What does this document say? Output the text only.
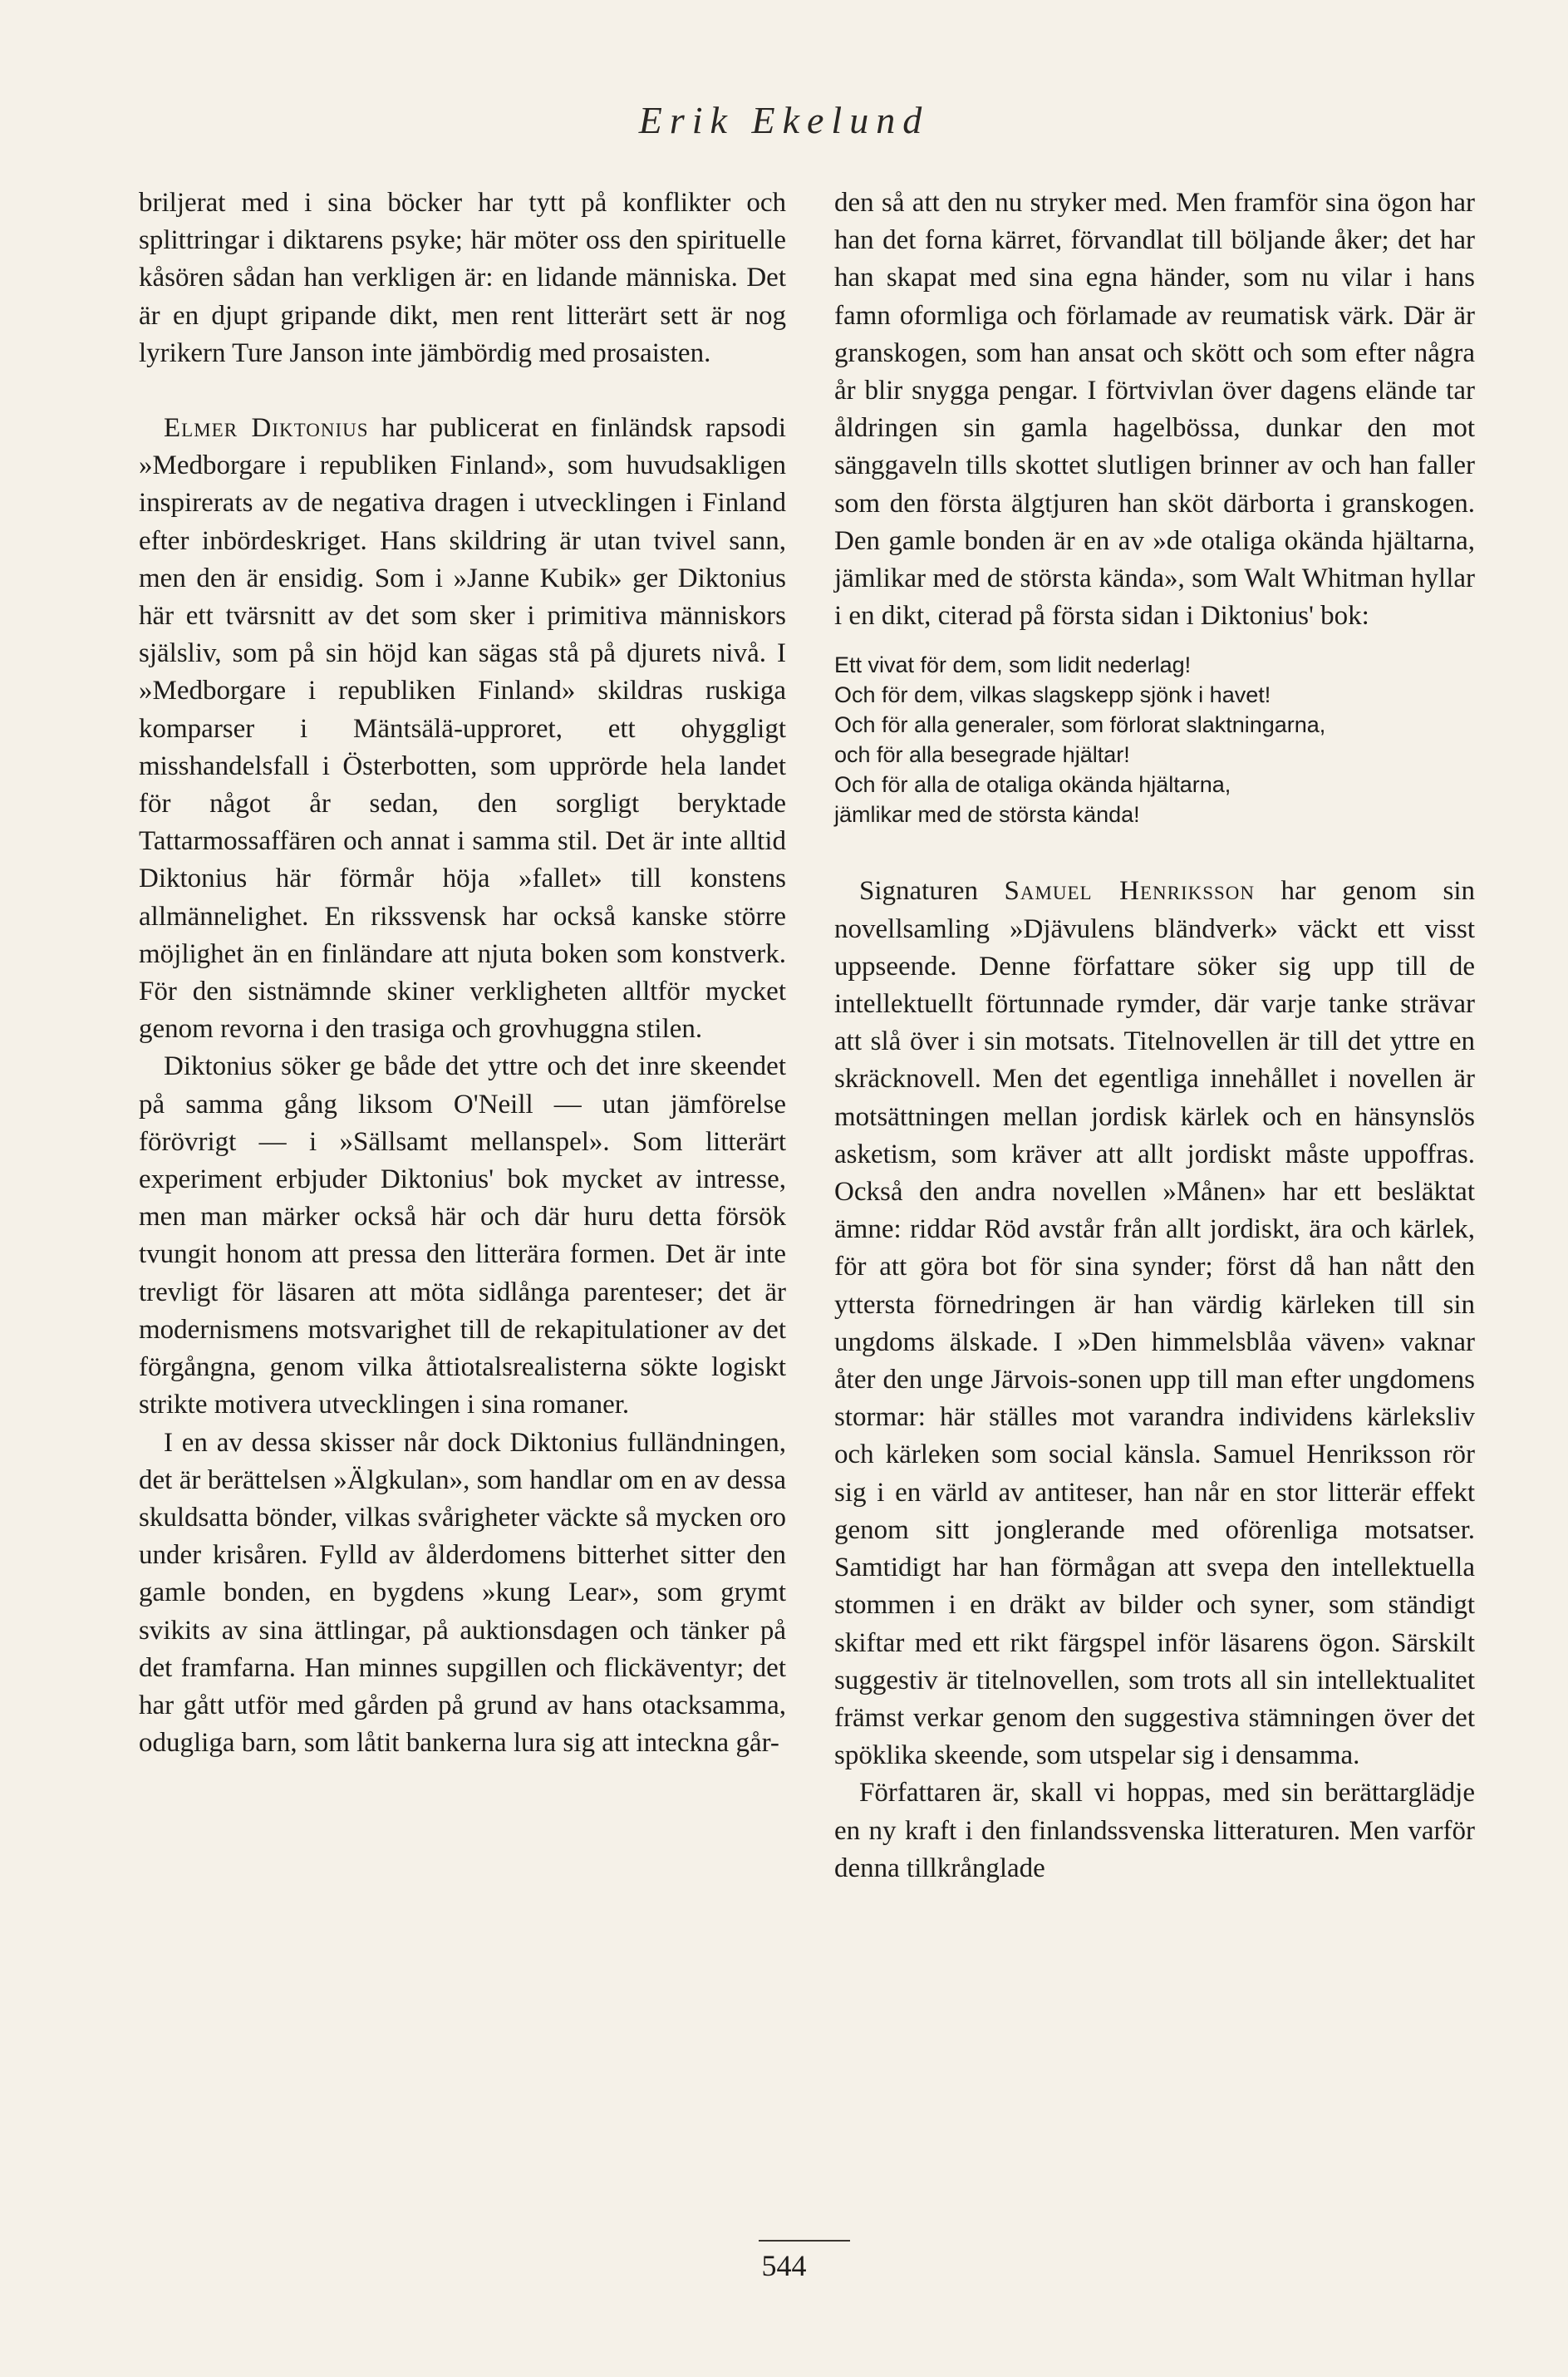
Erik Ekelund

briljerat med i sina böcker har tytt på konflikter och splittringar i diktarens psyke; här möter oss den spirituelle kåsören sådan han verkligen är: en lidande människa. Det är en djupt gripande dikt, men rent litterärt sett är nog lyrikern Ture Janson inte jämbördig med prosaisten.

Elmer Diktonius har publicerat en finländsk rapsodi »Medborgare i republiken Finland», som huvudsakligen inspirerats av de negativa dragen i utvecklingen i Finland efter inbördeskriget. Hans skildring är utan tvivel sann, men den är ensidig. Som i »Janne Kubik» ger Diktonius här ett tvärsnitt av det som sker i primitiva människors själsliv, som på sin höjd kan sägas stå på djurets nivå. I »Medborgare i republiken Finland» skildras ruskiga komparser i Mäntsälä-upproret, ett ohyggligt misshandelsfall i Österbotten, som upprörde hela landet för något år sedan, den sorgligt beryktade Tattarmossaffären och annat i samma stil. Det är inte alltid Diktonius här förmår höja »fallet» till konstens allmännelighet. En rikssvensk har också kanske större möjlighet än en finländare att njuta boken som konstverk. För den sistnämnde skiner verkligheten alltför mycket genom revorna i den trasiga och grovhuggna stilen.

Diktonius söker ge både det yttre och det inre skeendet på samma gång liksom O'Neill — utan jämförelse förövrigt — i »Sällsamt mellanspel». Som litterärt experiment erbjuder Diktonius' bok mycket av intresse, men man märker också här och där huru detta försök tvungit honom att pressa den litterära formen. Det är inte trevligt för läsaren att möta sidlånga parenteser; det är modernismens motsvarighet till de rekapitulationer av det förgångna, genom vilka åttiotalsrealisterna sökte logiskt strikte motivera utvecklingen i sina romaner.

I en av dessa skisser når dock Diktonius fulländningen, det är berättelsen »Älgkulan», som handlar om en av dessa skuldsatta bönder, vilkas svårigheter väckte så mycken oro under krisåren. Fylld av ålderdomens bitterhet sitter den gamle bonden, en bygdens »kung Lear», som grymt svikits av sina ättlingar, på auktionsdagen och tänker på det framfarna. Han minnes supgillen och flickäventyr; det har gått utför med gården på grund av hans otacksamma, odugliga barn, som låtit bankerna lura sig att inteckna går-

den så att den nu stryker med. Men framför sina ögon har han det forna kärret, förvandlat till böljande åker; det har han skapat med sina egna händer, som nu vilar i hans famn oformliga och förlamade av reumatisk värk. Där är granskogen, som han ansat och skött och som efter några år blir snygga pengar. I förtvivlan över dagens elände tar åldringen sin gamla hagelbössa, dunkar den mot sänggaveln tills skottet slutligen brinner av och han faller som den första älgtjuren han sköt därborta i granskogen. Den gamle bonden är en av »de otaliga okända hjältarna, jämlikar med de största kända», som Walt Whitman hyllar i en dikt, citerad på första sidan i Diktonius' bok:

Ett vivat för dem, som lidit nederlag!
Och för dem, vilkas slagskepp sjönk i havet!
Och för alla generaler, som förlorat slaktningarna,
och för alla besegrade hjältar!
Och för alla de otaliga okända hjältarna,
jämlikar med de största kända!

Signaturen Samuel Henriksson har genom sin novellsamling »Djävulens bländverk» väckt ett visst uppseende. Denne författare söker sig upp till de intellektuellt förtunnade rymder, där varje tanke strävar att slå över i sin motsats. Titelnovellen är till det yttre en skräcknovell. Men det egentliga innehållet i novellen är motsättningen mellan jordisk kärlek och en hänsynslös asketism, som kräver att allt jordiskt måste uppoffras. Också den andra novellen »Månen» har ett besläktat ämne: riddar Röd avstår från allt jordiskt, ära och kärlek, för att göra bot för sina synder; först då han nått den yttersta förnedringen är han värdig kärleken till sin ungdoms älskade. I »Den himmelsblåa väven» vaknar åter den unge Järvois-sonen upp till man efter ungdomens stormar: här ställes mot varandra individens kärleksliv och kärleken som social känsla. Samuel Henriksson rör sig i en värld av antiteser, han når en stor litterär effekt genom sitt jonglerande med oförenliga motsatser. Samtidigt har han förmågan att svepa den intellektuella stommen i en dräkt av bilder och syner, som ständigt skiftar med ett rikt färgspel inför läsarens ögon. Särskilt suggestiv är titelnovellen, som trots all sin intellektualitet främst verkar genom den suggestiva stämningen över det spöklika skeende, som utspelar sig i densamma.

Författaren är, skall vi hoppas, med sin berättarglädje en ny kraft i den finlandssvenska litteraturen. Men varför denna tillkrånglade

544
